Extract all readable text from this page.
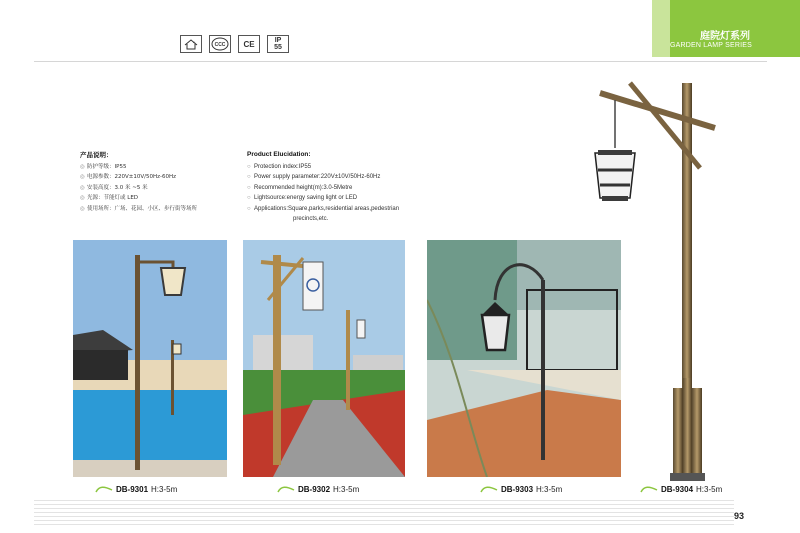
庭院灯系列
GARDEN LAMP SERIES
+	CCC	CE	IP
55
产品说明：
◎ 防护等级：IP55
◎ 电源参数：220V±10V/50Hz-60Hz
◎ 安装高度：3.0 米 ~5 米
◎ 光源：节能灯或 LED
◎ 使用场所：广场、花园、小区、步行街等场所
Product Elucidation:
○ Protection index:IP55
○ Power supply parameter:220V±10V/50Hz-60Hz
○ Recommended height(m):3.0-5Metre
○ Lightsource:energy saving light or LED
○ Applications:Square,parks,residential areas,pedestrian
precincts,etc.
DB-9301 H:3-5m	DB-9302 H:3-5m	DB-9303 H:3-5m	DB-9304 H:3-5m
93
